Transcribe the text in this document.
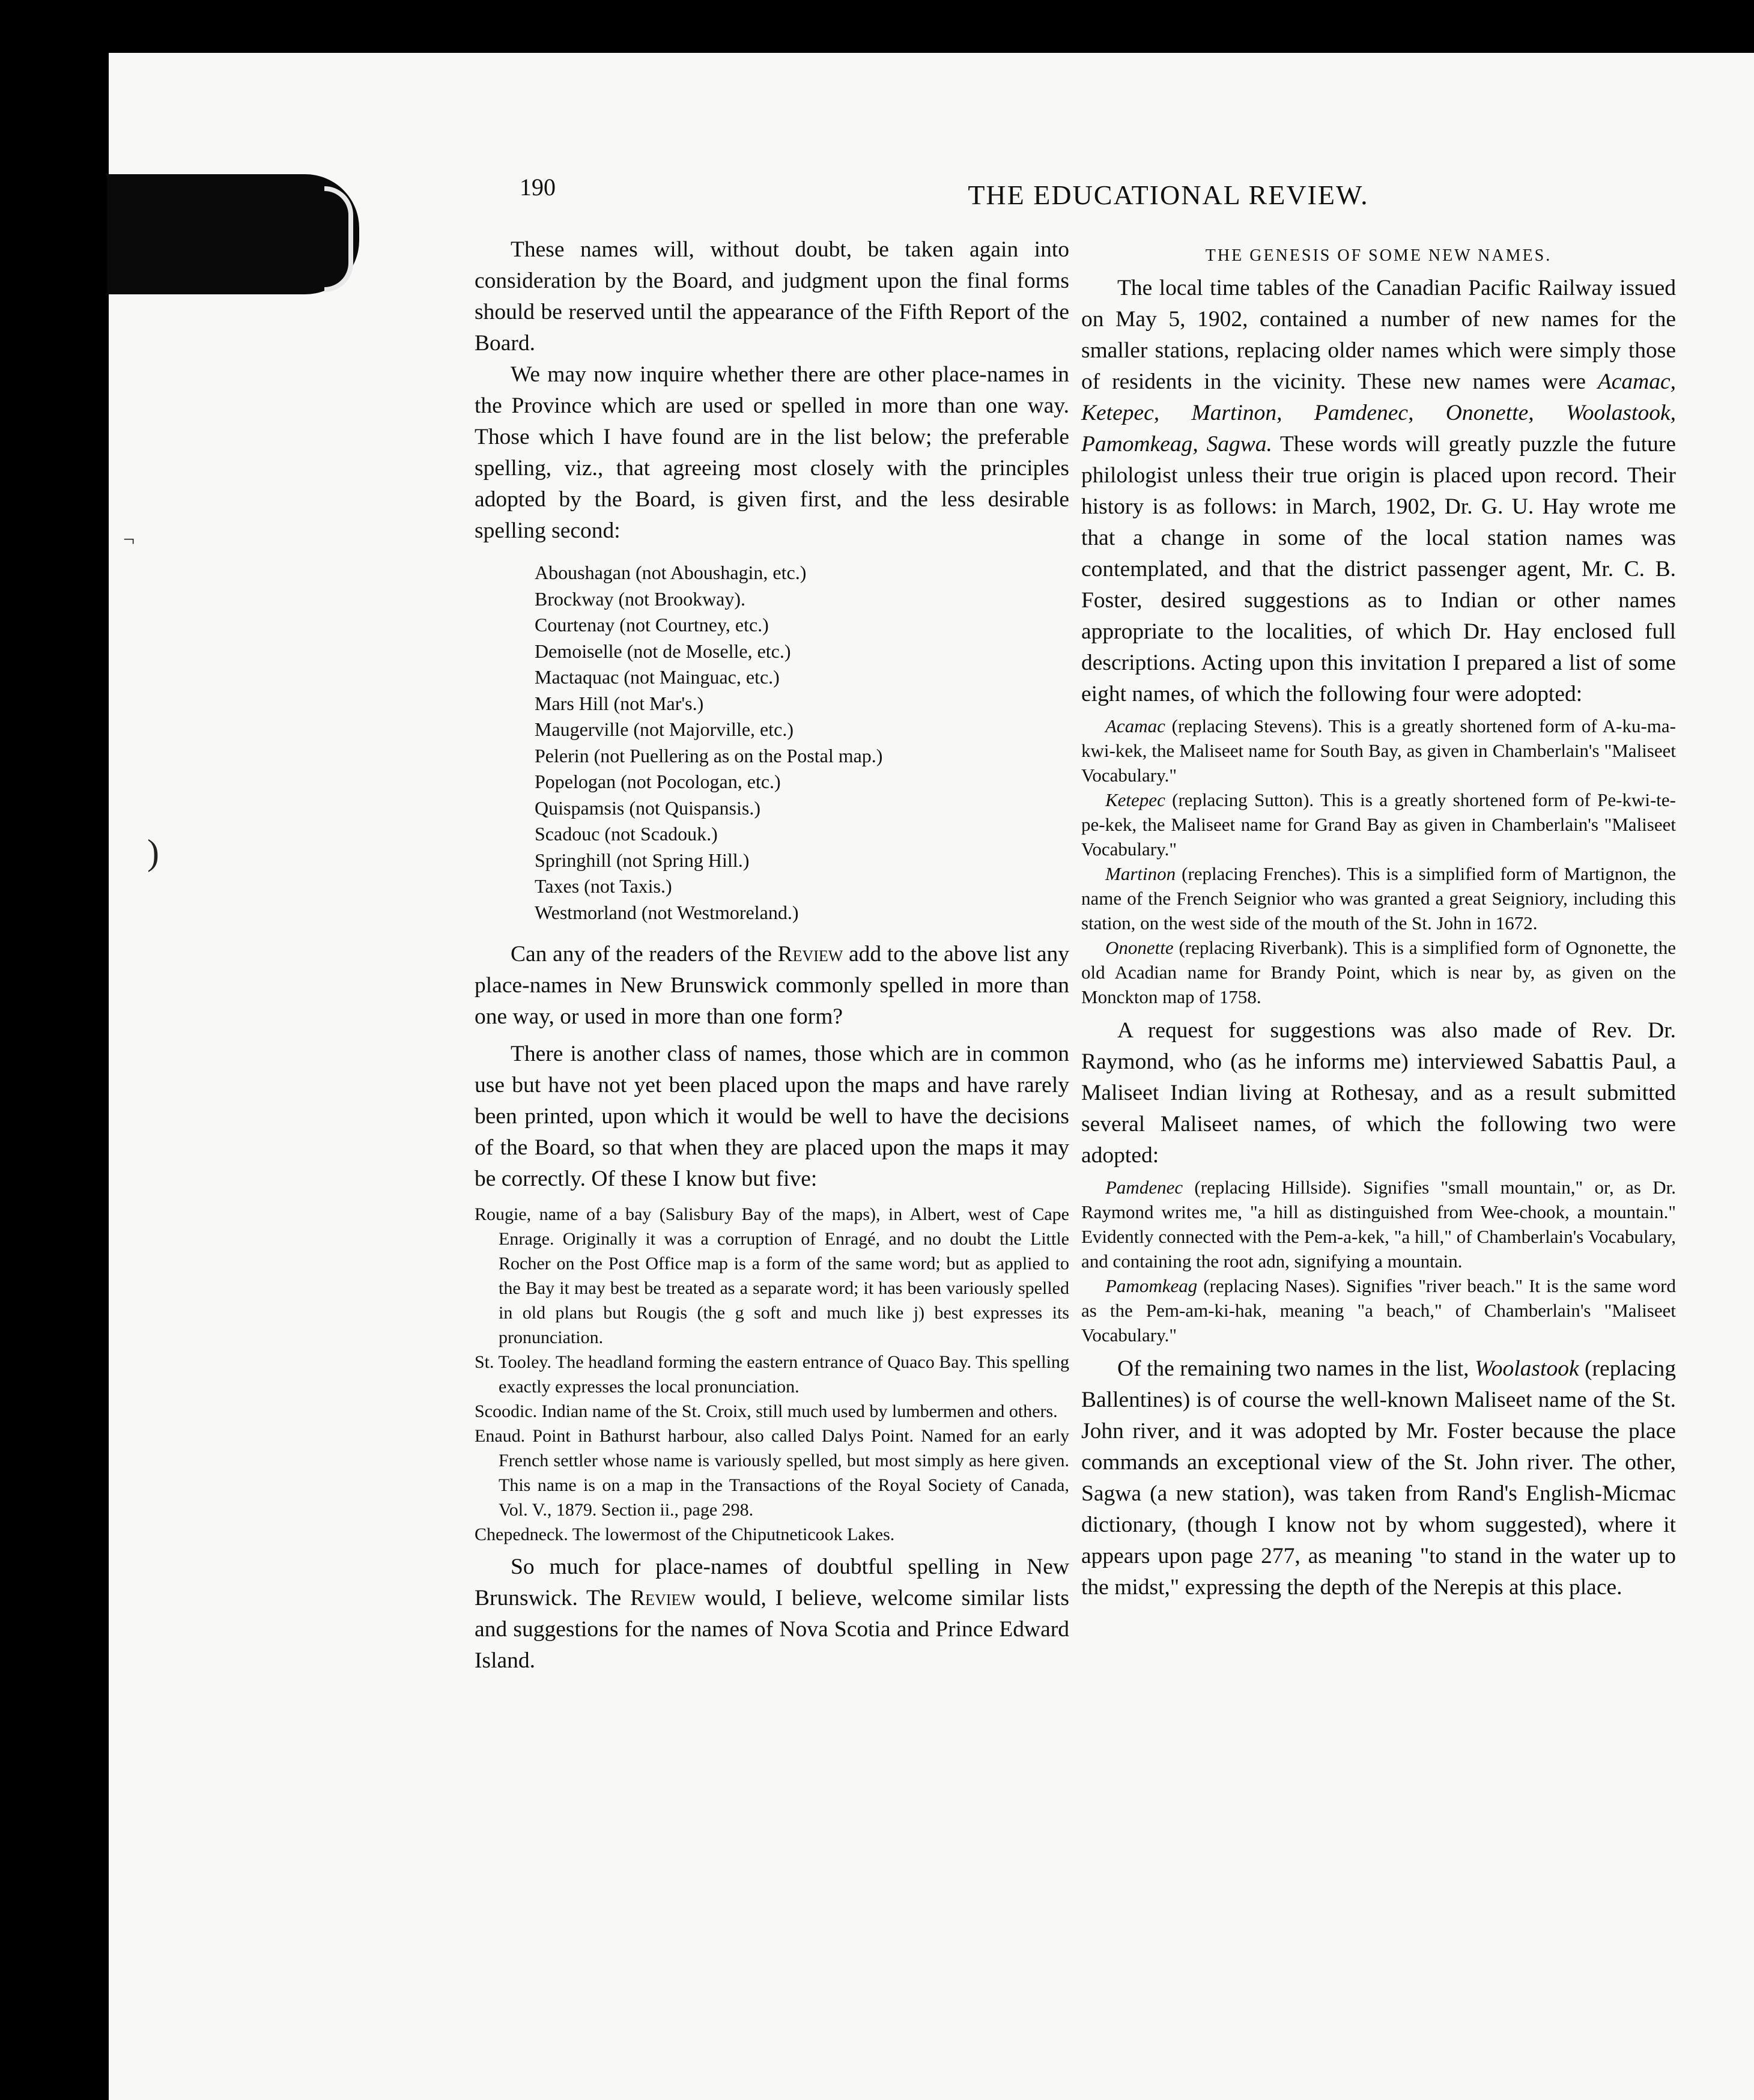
190	THE EDUCATIONAL REVIEW.

These names will, without doubt, be taken again into consideration by the Board, and judgment upon the final forms should be reserved until the appearance of the Fifth Report of the Board.

We may now inquire whether there are other place-names in the Province which are used or spelled in more than one way. Those which I have found are in the list below; the preferable spelling, viz., that agreeing most closely with the principles adopted by the Board, is given first, and the less desirable spelling second:

Aboushagan (not Aboushagin, etc.)
Brockway (not Brookway).
Courtenay (not Courtney, etc.)
Demoiselle (not de Moselle, etc.)
Mactaquac (not Mainguac, etc.)
Mars Hill (not Mar's.)
Maugerville (not Majorville, etc.)
Pelerin (not Puellering as on the Postal map.)
Popelogan (not Pocologan, etc.)
Quispamsis (not Quispansis.)
Scadouc (not Scadouk.)
Springhill (not Spring Hill.)
Taxes (not Taxis.)
Westmorland (not Westmoreland.)

Can any of the readers of the Review add to the above list any place-names in New Brunswick commonly spelled in more than one way, or used in more than one form?

There is another class of names, those which are in common use but have not yet been placed upon the maps and have rarely been printed, upon which it would be well to have the decisions of the Board, so that when they are placed upon the maps it may be correctly. Of these I know but five:

Rougie, name of a bay (Salisbury Bay of the maps), in Albert, west of Cape Enrage. Originally it was a corruption of Enragé, and no doubt the Little Rocher on the Post Office map is a form of the same word; but as applied to the Bay it may best be treated as a separate word; it has been variously spelled in old plans but Rougis (the g soft and much like j) best expresses its pronunciation.

St. Tooley. The headland forming the eastern entrance of Quaco Bay. This spelling exactly expresses the local pronunciation.

Scoodic. Indian name of the St. Croix, still much used by lumbermen and others.

Enaud. Point in Bathurst harbour, also called Dalys Point. Named for an early French settler whose name is variously spelled, but most simply as here given. This name is on a map in the Transactions of the Royal Society of Canada, Vol. V., 1879. Section ii., page 298.

Chepedneck. The lowermost of the Chiputneticook Lakes.

So much for place-names of doubtful spelling in New Brunswick. The Review would, I believe, welcome similar lists and suggestions for the names of Nova Scotia and Prince Edward Island.

THE GENESIS OF SOME NEW NAMES.

The local time tables of the Canadian Pacific Railway issued on May 5, 1902, contained a number of new names for the smaller stations, replacing older names which were simply those of residents in the vicinity. These new names were Acamac, Ketepec, Martinon, Pamdenec, Ononette, Woolastook, Pamomkeag, Sagwa. These words will greatly puzzle the future philologist unless their true origin is placed upon record. Their history is as follows: in March, 1902, Dr. G. U. Hay wrote me that a change in some of the local station names was contemplated, and that the district passenger agent, Mr. C. B. Foster, desired suggestions as to Indian or other names appropriate to the localities, of which Dr. Hay enclosed full descriptions. Acting upon this invitation I prepared a list of some eight names, of which the following four were adopted:

Acamac (replacing Stevens). This is a greatly shortened form of A-ku-ma-kwi-kek, the Maliseet name for South Bay, as given in Chamberlain's "Maliseet Vocabulary."

Ketepec (replacing Sutton). This is a greatly shortened form of Pe-kwi-te-pe-kek, the Maliseet name for Grand Bay as given in Chamberlain's "Maliseet Vocabulary."

Martinon (replacing Frenches). This is a simplified form of Martignon, the name of the French Seignior who was granted a great Seigniory, including this station, on the west side of the mouth of the St. John in 1672.

Ononette (replacing Riverbank). This is a simplified form of Ognonette, the old Acadian name for Brandy Point, which is near by, as given on the Monckton map of 1758.

A request for suggestions was also made of Rev. Dr. Raymond, who (as he informs me) interviewed Sabattis Paul, a Maliseet Indian living at Rothesay, and as a result submitted several Maliseet names, of which the following two were adopted:

Pamdenec (replacing Hillside). Signifies "small mountain," or, as Dr. Raymond writes me, "a hill as distinguished from Wee-chook, a mountain." Evidently connected with the Pem-a-kek, "a hill," of Chamberlain's Vocabulary, and containing the root adn, signifying a mountain.

Pamomkeag (replacing Nases). Signifies "river beach." It is the same word as the Pem-am-ki-hak, meaning "a beach," of Chamberlain's "Maliseet Vocabulary."

Of the remaining two names in the list, Woolastook (replacing Ballentines) is of course the well-known Maliseet name of the St. John river, and it was adopted by Mr. Foster because the place commands an exceptional view of the St. John river. The other, Sagwa (a new station), was taken from Rand's English-Micmac dictionary, (though I know not by whom suggested), where it appears upon page 277, as meaning "to stand in the water up to the midst," expressing the depth of the Nerepis at this place.

)
¬
